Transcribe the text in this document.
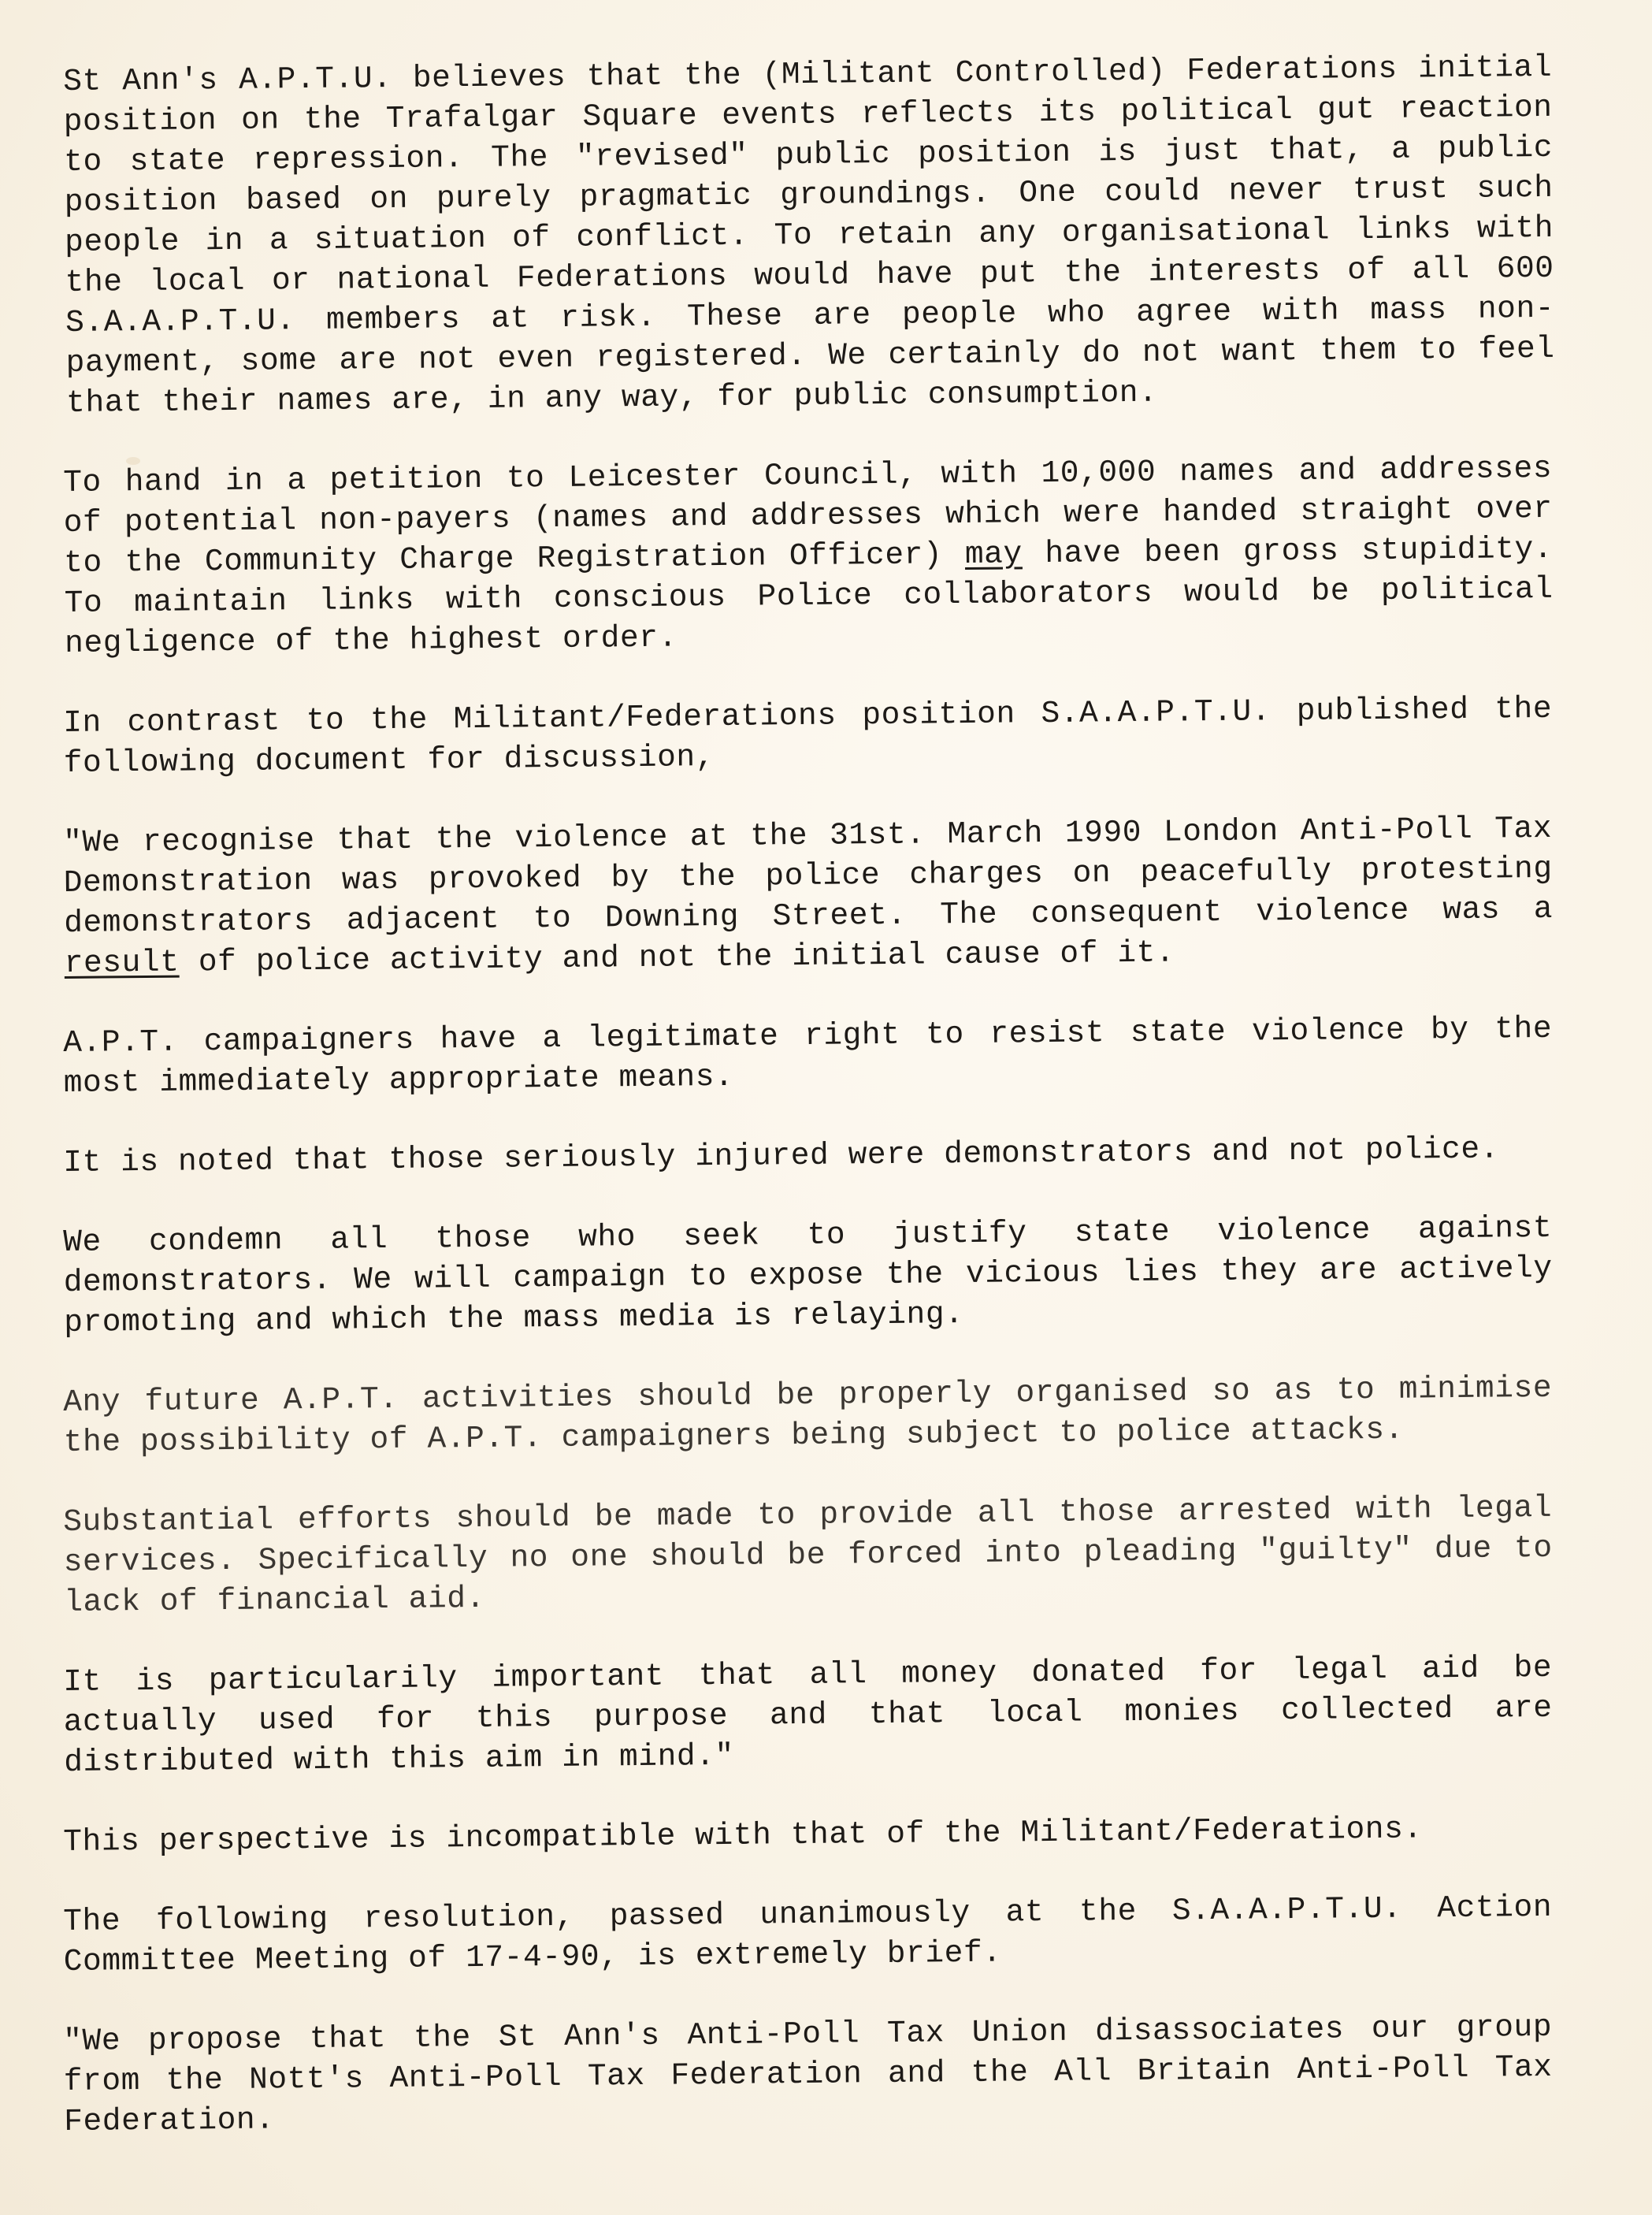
St Ann's A.P.T.U. believes that the (Militant Controlled) Federations initial position on the Trafalgar Square events reflects its political gut reaction to state repression. The "revised" public position is just that, a public position based on purely pragmatic groundings. One could never trust such people in a situation of conflict. To retain any organisational links with the local or national Federations would have put the interests of all 600 S.A.A.P.T.U. members at risk. These are people who agree with mass non-payment, some are not even registered. We certainly do not want them to feel that their names are, in any way, for public consumption.

To hand in a petition to Leicester Council, with 10,000 names and addresses of potential non-payers (names and addresses which were handed straight over to the Community Charge Registration Officer) may have been gross stupidity. To maintain links with conscious Police collaborators would be political negligence of the highest order.

In contrast to the Militant/Federations position S.A.A.P.T.U. published the following document for discussion,

"We recognise that the violence at the 31st. March 1990 London Anti-Poll Tax Demonstration was provoked by the police charges on peacefully protesting demonstrators adjacent to Downing Street. The consequent violence was a result of police activity and not the initial cause of it.

A.P.T. campaigners have a legitimate right to resist state violence by the most immediately appropriate means.

It is noted that those seriously injured were demonstrators and not police.

We condemn all those who seek to justify state violence against demonstrators. We will campaign to expose the vicious lies they are actively promoting and which the mass media is relaying.

Any future A.P.T. activities should be properly organised so as to minimise the possibility of A.P.T. campaigners being subject to police attacks.

Substantial efforts should be made to provide all those arrested with legal services. Specifically no one should be forced into pleading "guilty" due to lack of financial aid.

It is particularily important that all money donated for legal aid be actually used for this purpose and that local monies collected are distributed with this aim in mind."

This perspective is incompatible with that of the Militant/Federations.

The following resolution, passed unanimously at the S.A.A.P.T.U. Action Committee Meeting of 17-4-90, is extremely brief.

"We propose that the St Ann's Anti-Poll Tax Union disassociates our group from the Nott's Anti-Poll Tax Federation and the All Britain Anti-Poll Tax Federation.
